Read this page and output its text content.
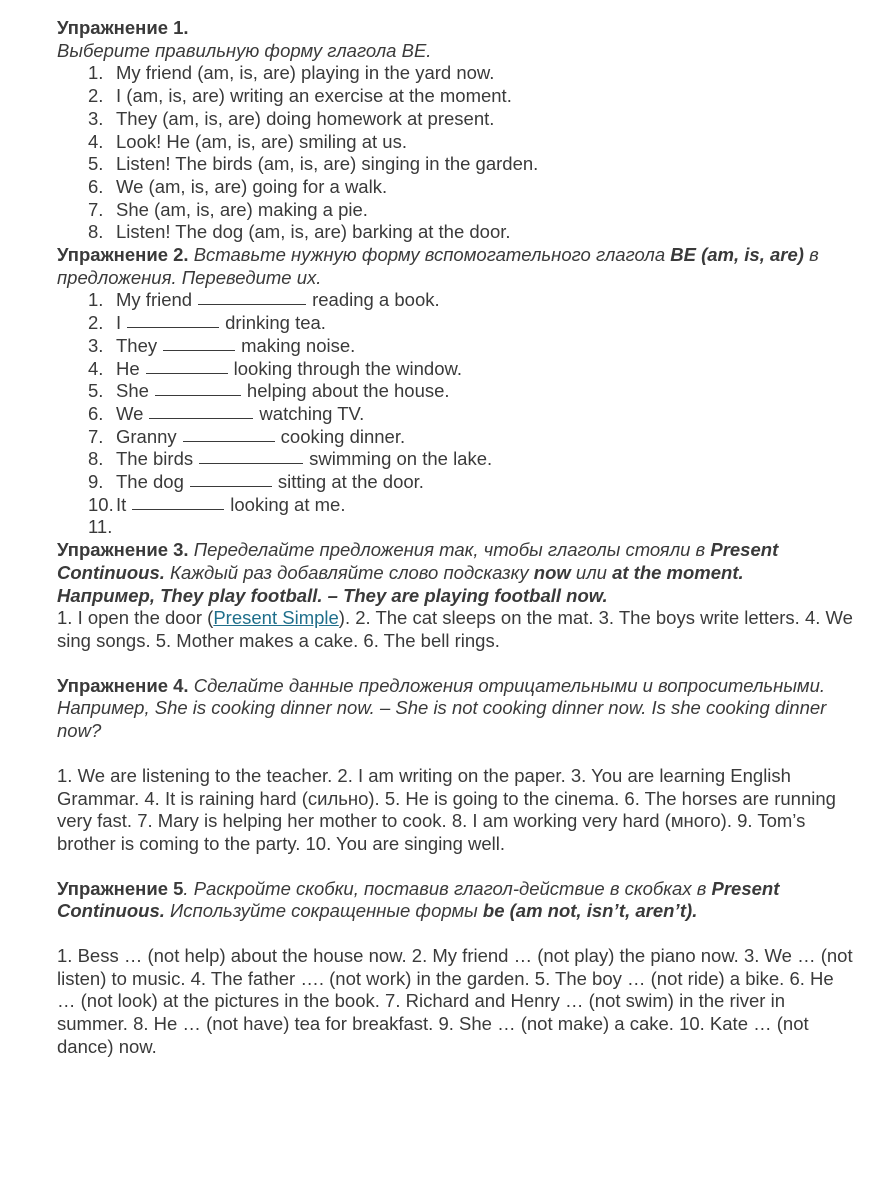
Упражнение 1.

Выберите правильную форму глагола BE.

1. My friend (am, is, are) playing in the yard now.
2. I (am, is, are) writing an exercise at the moment.
3. They (am, is, are) doing homework at present.
4. Look! He (am, is, are) smiling at us.
5. Listen! The birds (am, is, are) singing in the garden.
6. We (am, is, are) going for a walk.
7. She (am, is, are) making a pie.
8. Listen! The dog (am, is, are) barking at the door.

Упражнение 2. Вставьте нужную форму вспомогательного глагола BE (am, is, are) в предложения. Переведите их.

1. My friend	reading a book.
2. I	drinking tea.
3. They	making noise.
4. He	looking through the window.
5. She	helping about the house.
6. We	watching TV.
7. Granny	cooking dinner.
8. The birds	swimming on the lake.
9. The dog	sitting at the door.
10. It	looking at me.
11.

Упражнение 3. Переделайте предложения так, чтобы глаголы стояли в Present Continuous. Каждый раз добавляйте слово подсказку now или at the moment.

Например, They play football. – They are playing football now.

1. I open the door (Present Simple). 2. The cat sleeps on the mat. 3. The boys write letters. 4. We sing songs. 5. Mother makes a cake. 6. The bell rings.

Упражнение 4. Сделайте данные предложения отрицательными и вопросительными.

Например, She is cooking dinner now. – She is not cooking dinner now. Is she cooking dinner now?

1. We are listening to the teacher. 2. I am writing on the paper. 3. You are learning English Grammar. 4. It is raining hard (сильно). 5. He is going to the cinema. 6. The horses are running very fast. 7. Mary is helping her mother to cook. 8. I am working very hard (много). 9. Tom’s brother is coming to the party. 10. You are singing well.

Упражнение 5. Раскройте скобки, поставив глагол-действие в скобках в Present Continuous. Используйте сокращенные формы be (am not, isn’t, aren’t).

1. Bess … (not help) about the house now. 2. My friend … (not play) the piano now. 3. We … (not listen) to music. 4. The father …. (not work) in the garden. 5. The boy … (not ride) a bike. 6. He … (not look) at the pictures in the book. 7. Richard and Henry … (not swim) in the river in summer. 8. He … (not have) tea for breakfast. 9. She … (not make) a cake. 10. Kate … (not dance) now.
